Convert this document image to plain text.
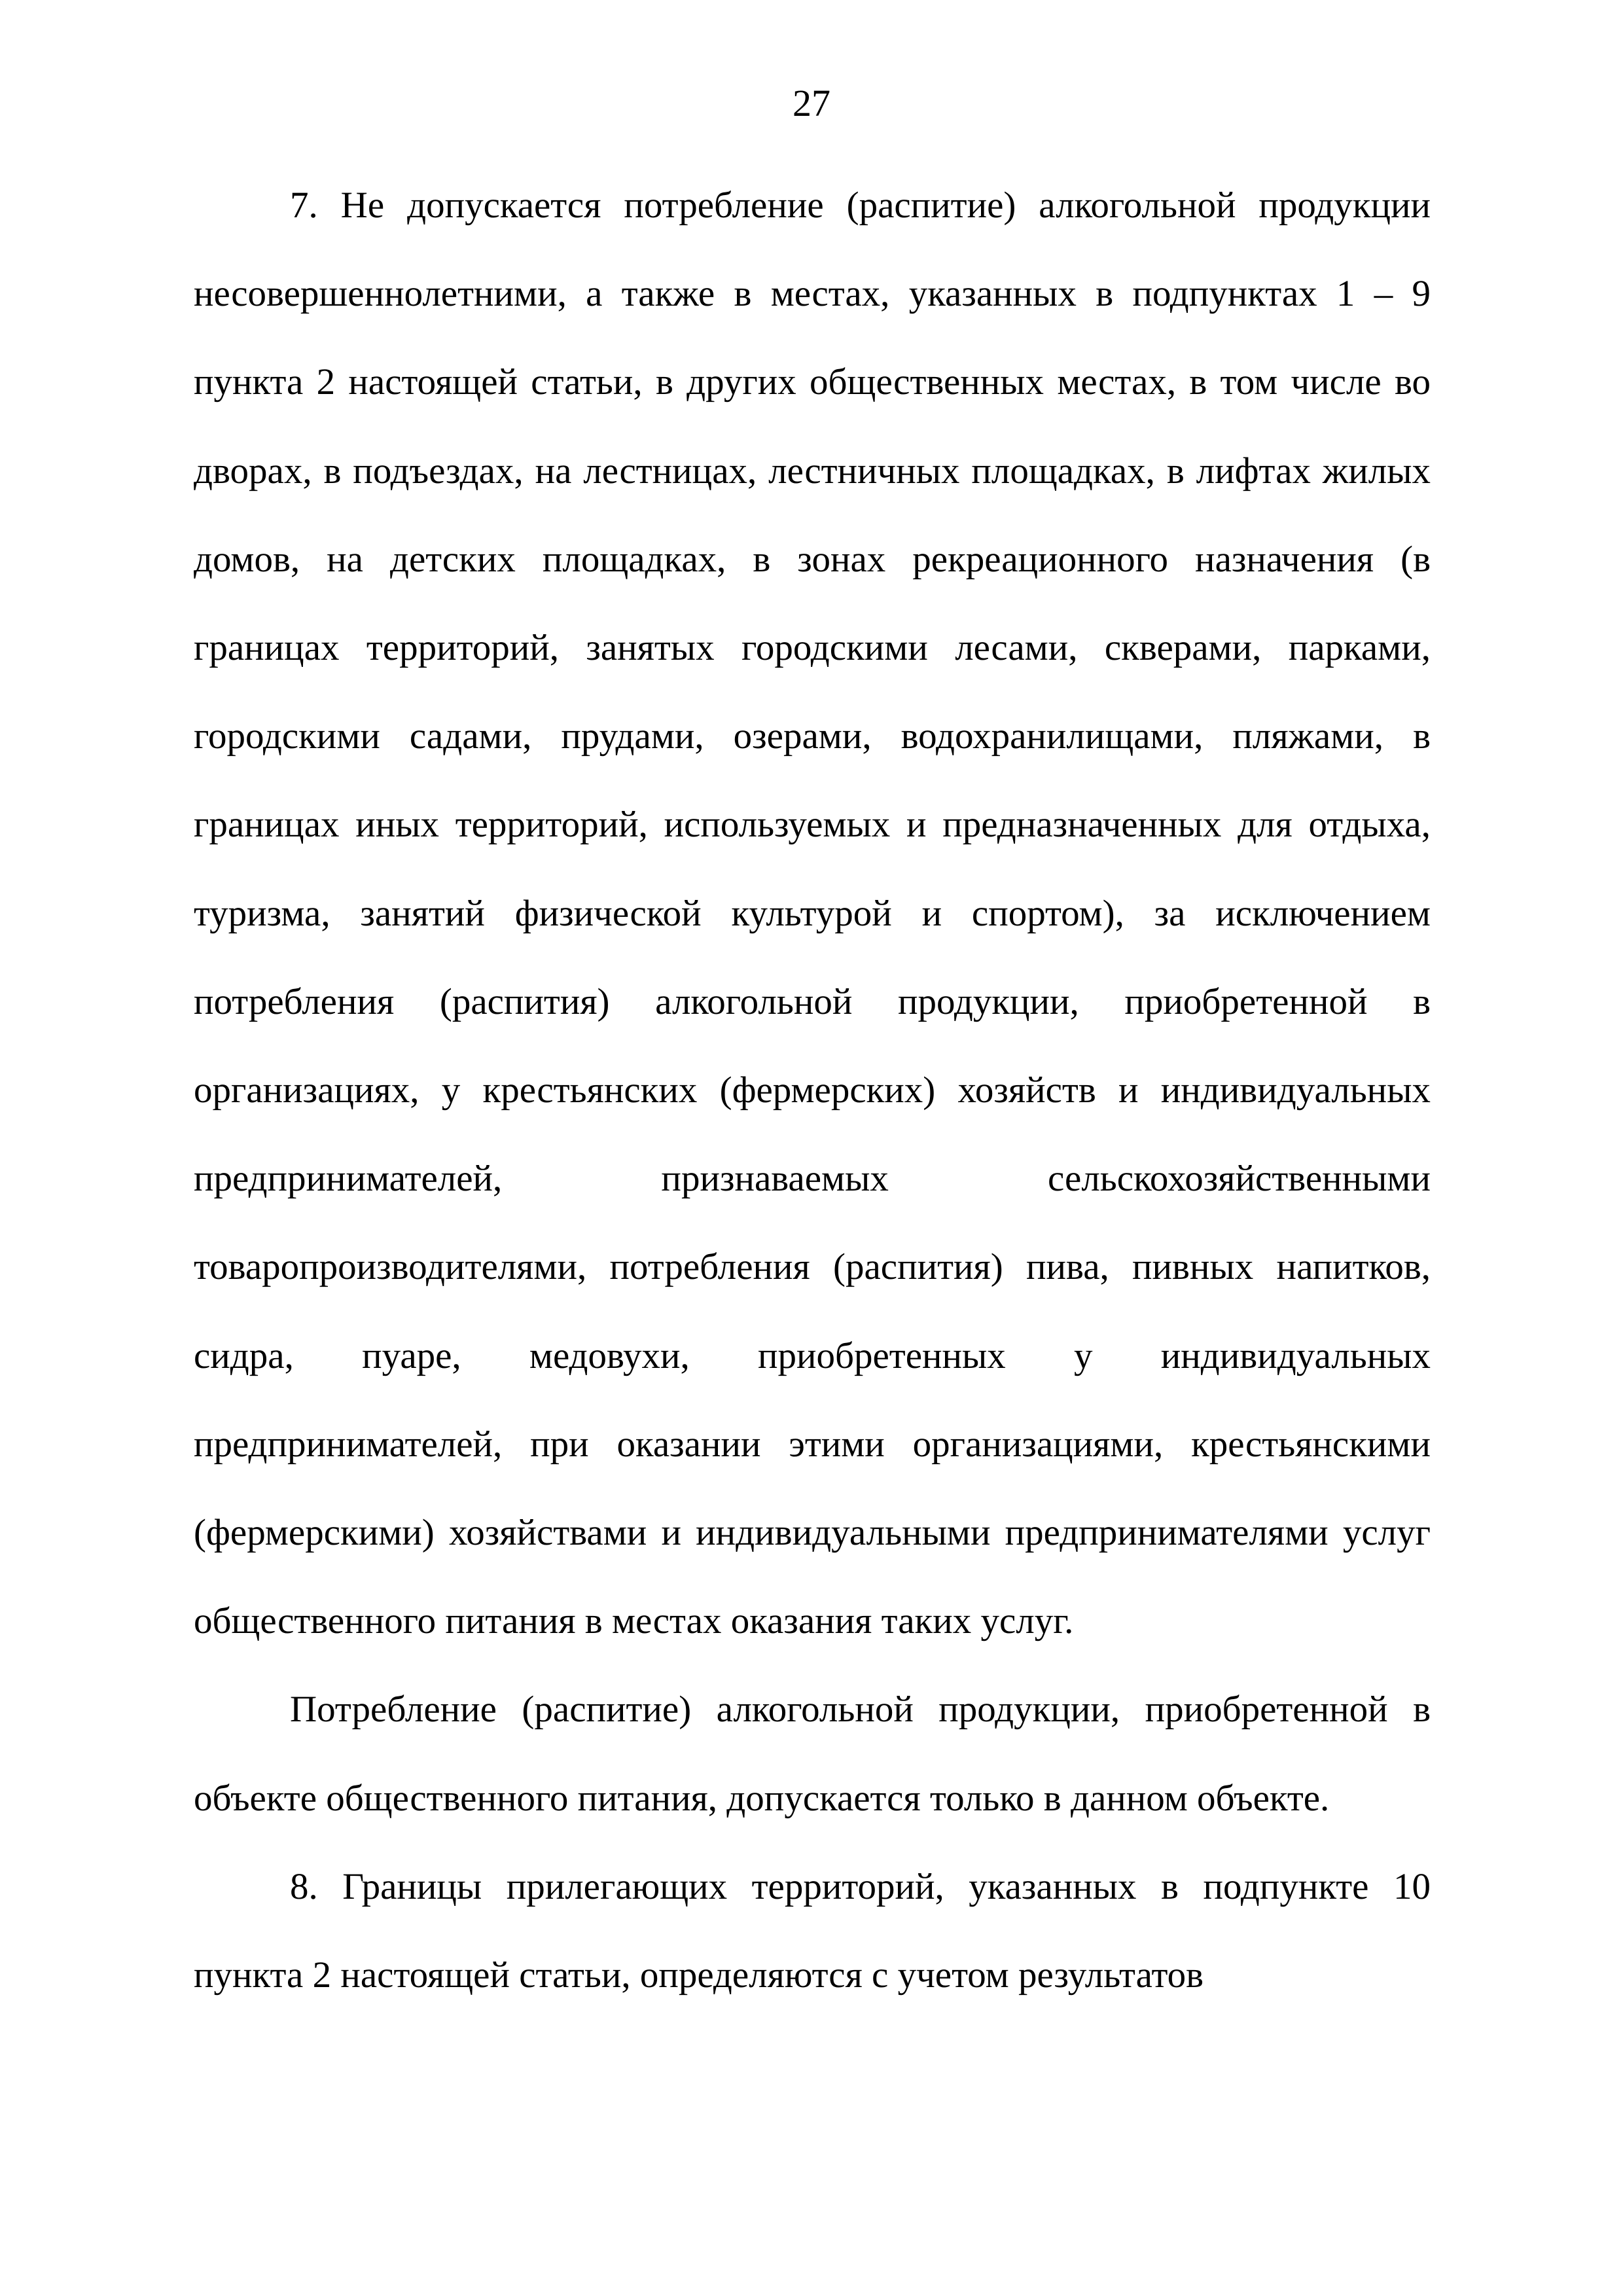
27

7. Не допускается потребление (распитие) алкогольной продукции несовершеннолетними, а также в местах, указанных в подпунктах 1 – 9 пункта 2 настоящей статьи, в других общественных местах, в том числе во дворах, в подъездах, на лестницах, лестничных площадках, в лифтах жилых домов, на детских площадках, в зонах рекреационного назначения (в границах территорий, занятых городскими лесами, скверами, парками, городскими садами, прудами, озерами, водохранилищами, пляжами, в границах иных территорий, используемых и предназначенных для отдыха, туризма, занятий физической культурой и спортом), за исключением потребления (распития) алкогольной продукции, приобретенной в организациях, у крестьянских (фермерских) хозяйств и индивидуальных предпринимателей, признаваемых сельскохозяйственными товаропроизводителями, потребления (распития) пива, пивных напитков, сидра, пуаре, медовухи, приобретенных у индивидуальных предпринимателей, при оказании этими организациями, крестьянскими (фермерскими) хозяйствами и индивидуальными предпринимателями услуг общественного питания в местах оказания таких услуг.

Потребление (распитие) алкогольной продукции, приобретенной в объекте общественного питания, допускается только в данном объекте.

8. Границы прилегающих территорий, указанных в подпункте 10 пункта 2 настоящей статьи, определяются с учетом результатов
